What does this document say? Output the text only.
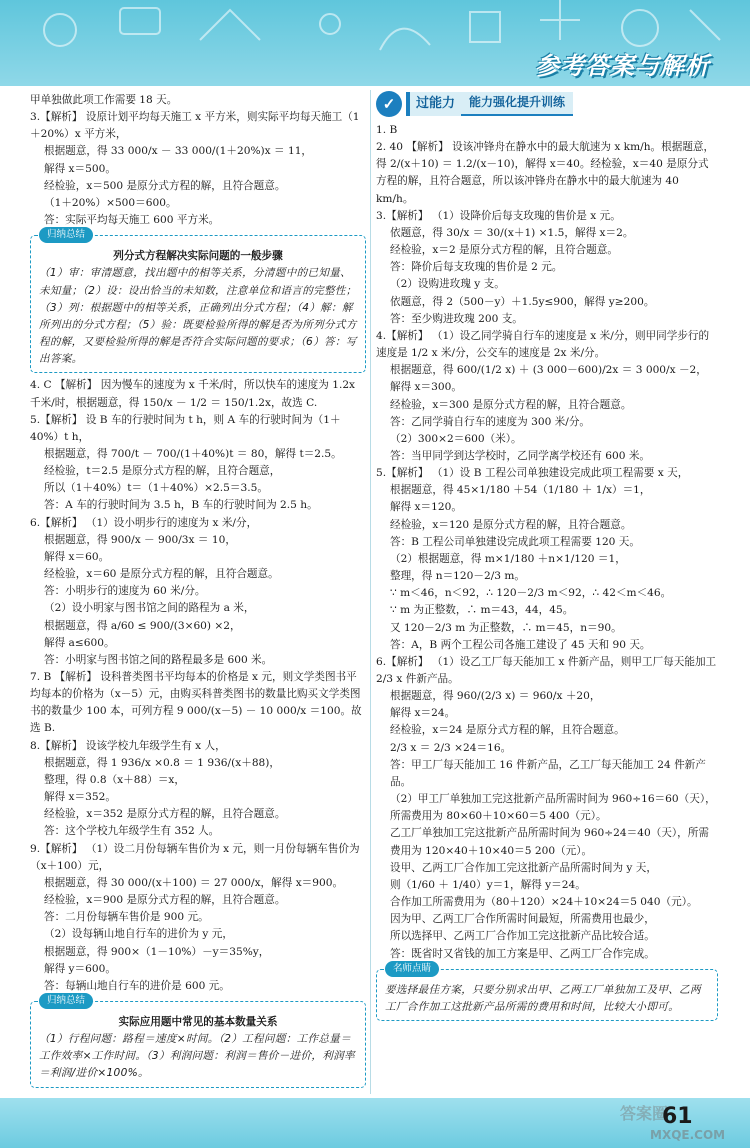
参考答案与解析

甲单独做此项工作需要 18 天。

3.【解析】 设原计划平均每天施工 x 平方米，则实际平均每天施工（1＋20%）x 平方米，

根据题意，得 33 000/x － 33 000/(1＋20%)x ＝ 11，

解得 x＝500。

经检验，x＝500 是原分式方程的解，且符合题意。

（1＋20%）×500＝600。

答：实际平均每天施工 600 平方米。

归纳总结

列分式方程解决实际问题的一般步骤

（1）审：审清题意，找出题中的相等关系，分清题中的已知量、未知量；（2）设：设出恰当的未知数，注意单位和语言的完整性；（3）列：根据题中的相等关系，正确列出分式方程；（4）解：解所列出的分式方程；（5）验：既要检验所得的解是否为所列分式方程的解，又要检验所得的解是否符合实际问题的要求；（6）答：写出答案。

4. C 【解析】 因为慢车的速度为 x 千米/时，所以快车的速度为 1.2x 千米/时，根据题意，得 150/x － 1/2 ＝ 150/1.2x，故选 C.

5.【解析】 设 B 车的行驶时间为 t h，则 A 车的行驶时间为（1＋40%）t h，

根据题意，得 700/t － 700/(1＋40%)t ＝ 80，解得 t＝2.5。

经检验，t＝2.5 是原分式方程的解，且符合题意，

所以（1＋40%）t＝（1＋40%）×2.5＝3.5。

答：A 车的行驶时间为 3.5 h，B 车的行驶时间为 2.5 h。

6.【解析】 （1）设小明步行的速度为 x 米/分，

根据题意，得 900/x － 900/3x ＝ 10，

解得 x＝60。

经检验，x＝60 是原分式方程的解，且符合题意。

答：小明步行的速度为 60 米/分。

（2）设小明家与图书馆之间的路程为 a 米，

根据题意，得 a/60 ≤ 900/(3×60) ×2，

解得 a≤600。

答：小明家与图书馆之间的路程最多是 600 米。

7. B 【解析】 设科普类图书平均每本的价格是 x 元，则文学类图书平均每本的价格为（x－5）元，由购买科普类图书的数量比购买文学类图书的数量少 100 本，可列方程 9 000/(x－5) － 10 000/x ＝100。故选 B.

8.【解析】 设该学校九年级学生有 x 人，

根据题意，得 1 936/x ×0.8 ＝ 1 936/(x＋88)，

整理，得 0.8（x＋88）＝x，

解得 x＝352。

经检验，x＝352 是原分式方程的解，且符合题意。

答：这个学校九年级学生有 352 人。

9.【解析】 （1）设二月份每辆车售价为 x 元，则一月份每辆车售价为（x＋100）元，

根据题意，得 30 000/(x＋100) ＝ 27 000/x，解得 x＝900。

经检验，x＝900 是原分式方程的解，且符合题意。

答：二月份每辆车售价是 900 元。

（2）设每辆山地自行车的进价为 y 元，

根据题意，得 900×（1－10%）－y＝35%y，

解得 y＝600。

答：每辆山地自行车的进价是 600 元。

归纳总结

实际应用题中常见的基本数量关系

（1）行程问题：路程＝速度×时间。（2）工程问题：工作总量＝工作效率×工作时间。（3）利润问题：利润＝售价－进价，利润率＝利润/进价×100%。

✓	过能力	能力强化提升训练

1. B

2. 40 【解析】 设该冲锋舟在静水中的最大航速为 x km/h。根据题意，得 2/(x＋10) ＝ 1.2/(x－10)，解得 x＝40。经检验，x＝40 是原分式方程的解，且符合题意，所以该冲锋舟在静水中的最大航速为 40 km/h。

3.【解析】 （1）设降价后每支玫瑰的售价是 x 元。

依题意，得 30/x ＝ 30/(x＋1) ×1.5，解得 x＝2。

经检验，x＝2 是原分式方程的解，且符合题意。

答：降价后每支玫瑰的售价是 2 元。

（2）设购进玫瑰 y 支。

依题意，得 2（500－y）＋1.5y≤900，解得 y≥200。

答：至少购进玫瑰 200 支。

4.【解析】 （1）设乙同学骑自行车的速度是 x 米/分，则甲同学步行的速度是 1/2 x 米/分，公交车的速度是 2x 米/分。

根据题意，得 600/(1/2 x) ＋ (3 000－600)/2x ＝ 3 000/x －2，

解得 x＝300。

经检验，x＝300 是原分式方程的解，且符合题意。

答：乙同学骑自行车的速度为 300 米/分。

（2）300×2＝600（米）。

答：当甲同学到达学校时，乙同学离学校还有 600 米。

5.【解析】 （1）设 B 工程公司单独建设完成此项工程需要 x 天，

根据题意，得 45×1/180 ＋54（1/180 ＋ 1/x）＝1，

解得 x＝120。

经检验，x＝120 是原分式方程的解，且符合题意。

答：B 工程公司单独建设完成此项工程需要 120 天。

（2）根据题意，得 m×1/180 ＋n×1/120 ＝1，

整理，得 n＝120－2/3 m。

∵ m＜46，n＜92，∴ 120－2/3 m＜92，∴ 42＜m＜46。

∵ m 为正整数，∴ m＝43，44，45。

又 120－2/3 m 为正整数，∴ m＝45，n＝90。

答：A，B 两个工程公司各施工建设了 45 天和 90 天。

6.【解析】 （1）设乙工厂每天能加工 x 件新产品，则甲工厂每天能加工 2/3 x 件新产品。

根据题意，得 960/(2/3 x) ＝ 960/x ＋20，

解得 x＝24。

经检验，x＝24 是原分式方程的解，且符合题意。

2/3 x ＝ 2/3 ×24＝16。

答：甲工厂每天能加工 16 件新产品，乙工厂每天能加工 24 件新产品。

（2）甲工厂单独加工完这批新产品所需时间为 960÷16＝60（天），所需费用为 80×60＋10×60＝5 400（元）。

乙工厂单独加工完这批新产品所需时间为 960÷24＝40（天），所需费用为 120×40＋10×40＝5 200（元）。

设甲、乙两工厂合作加工完这批新产品所需时间为 y 天，

则（1/60 ＋ 1/40）y＝1，解得 y＝24。

合作加工所需费用为（80＋120）×24＋10×24＝5 040（元）。

因为甲、乙两工厂合作所需时间最短，所需费用也最少，

所以选择甲、乙两工厂合作加工完这批新产品比较合适。

答：既省时又省钱的加工方案是甲、乙两工厂合作完成。

名师点睛

要选择最佳方案，只要分别求出甲、乙两工厂单独加工及甲、乙两工厂合作加工这批新产品所需的费用和时间，比较大小即可。

答案圈
61
MXQE.COM
